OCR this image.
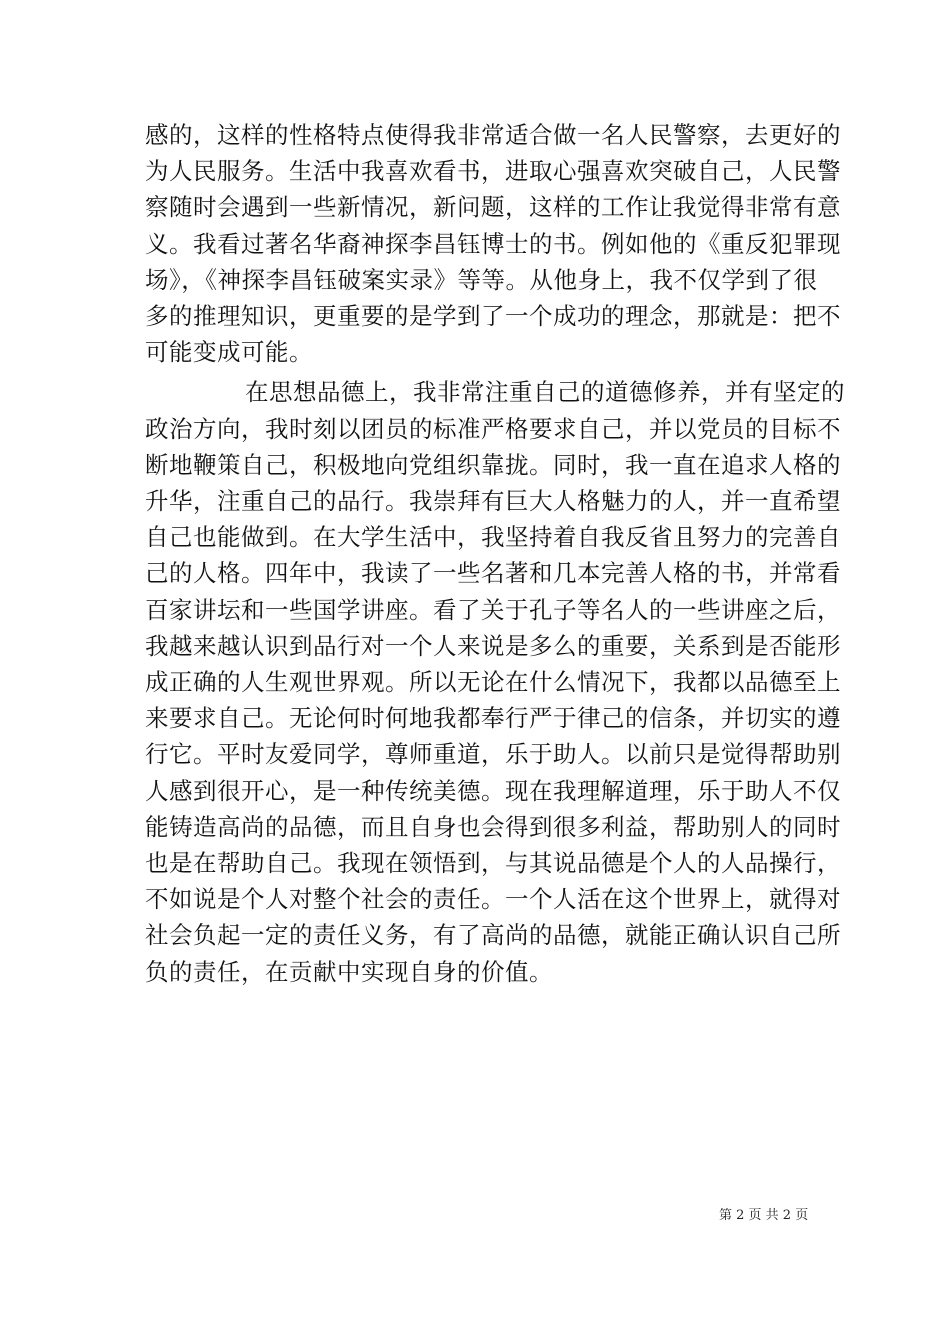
感的，这样的性格特点使得我非常适合做一名人民警察，去更好的
为人民服务。生活中我喜欢看书，进取心强喜欢突破自己，人民警
察随时会遇到一些新情况，新问题，这样的工作让我觉得非常有意
义。我看过著名华裔神探李昌钰博士的书。例如他的《重反犯罪现
场》，《神探李昌钰破案实录》等等。从他身上，我不仅学到了很
多的推理知识，更重要的是学到了一个成功的理念，那就是：把不
可能变成可能。
在思想品德上，我非常注重自己的道德修养，并有坚定的
政治方向，我时刻以团员的标准严格要求自己，并以党员的目标不
断地鞭策自己，积极地向党组织靠拢。同时，我一直在追求人格的
升华，注重自己的品行。我崇拜有巨大人格魅力的人，并一直希望
自己也能做到。在大学生活中，我坚持着自我反省且努力的完善自
己的人格。四年中，我读了一些名著和几本完善人格的书，并常看
百家讲坛和一些国学讲座。看了关于孔子等名人的一些讲座之后，
我越来越认识到品行对一个人来说是多么的重要，关系到是否能形
成正确的人生观世界观。所以无论在什么情况下，我都以品德至上
来要求自己。无论何时何地我都奉行严于律己的信条，并切实的遵
行它。平时友爱同学，尊师重道，乐于助人。以前只是觉得帮助别
人感到很开心，是一种传统美德。现在我理解道理，乐于助人不仅
能铸造高尚的品德，而且自身也会得到很多利益，帮助别人的同时
也是在帮助自己。我现在领悟到，与其说品德是个人的人品操行，
不如说是个人对整个社会的责任。一个人活在这个世界上，就得对
社会负起一定的责任义务，有了高尚的品德，就能正确认识自己所
负的责任，在贡献中实现自身的价值。
第 2 页 共 2 页
